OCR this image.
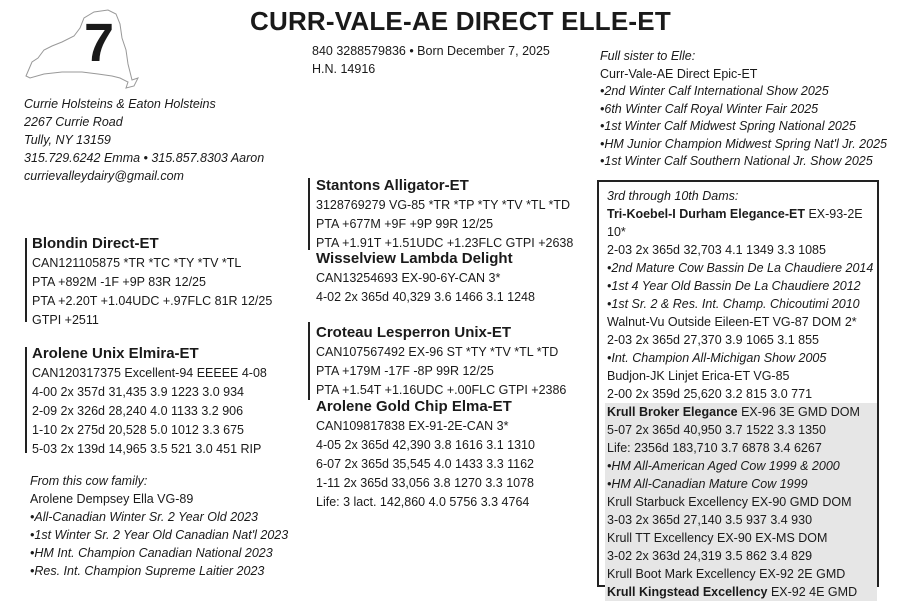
7	CURR-VALE-AE DIRECT ELLE-ET
840 3288579836 • Born December 7, 2025
H.N. 14916
Currie Holsteins & Eaton Holsteins
2267 Currie Road
Tully, NY 13159
315.729.6242 Emma • 315.857.8303 Aaron
currievalleydairy@gmail.com
Full sister to Elle:
Curr-Vale-AE Direct Epic-ET
•2nd Winter Calf International Show 2025
•6th Winter Calf Royal Winter Fair 2025
•1st Winter Calf Midwest Spring National 2025
•HM Junior Champion Midwest Spring Nat'l Jr. 2025
•1st Winter Calf Southern National Jr. Show 2025
Blondin Direct-ET
CAN121105875 *TR *TC *TY *TV *TL
PTA +892M -1F +9P 83R 12/25
PTA +2.20T +1.04UDC +.97FLC 81R 12/25
GTPI +2511
Arolene Unix Elmira-ET
CAN120317375 Excellent-94 EEEEE 4-08
4-00 2x 357d 31,435 3.9 1223 3.0 934
2-09 2x 326d 28,240 4.0 1133 3.2 906
1-10 2x 275d 20,528 5.0 1012 3.3 675
5-03 2x 139d 14,965 3.5 521 3.0 451 RIP
From this cow family:
Arolene Dempsey Ella VG-89
•All-Canadian Winter Sr. 2 Year Old 2023
•1st Winter Sr. 2 Year Old Canadian Nat'l 2023
•HM Int. Champion Canadian National 2023
•Res. Int. Champion Supreme Laitier 2023
Stantons Alligator-ET
3128769279 VG-85 *TR *TP *TY *TV *TL *TD
PTA +677M +9F +9P 99R 12/25
PTA +1.91T +1.51UDC +1.23FLC GTPI +2638
Wisselview Lambda Delight
CAN13254693 EX-90-6Y-CAN 3*
4-02 2x 365d 40,329 3.6 1466 3.1 1248
Croteau Lesperron Unix-ET
CAN107567492 EX-96 ST *TY *TV *TL *TD
PTA +179M -17F -8P 99R 12/25
PTA +1.54T +1.16UDC +.00FLC GTPI +2386
Arolene Gold Chip Elma-ET
CAN109817838 EX-91-2E-CAN 3*
4-05 2x 365d 42,390 3.8 1616 3.1 1310
6-07 2x 365d 35,545 4.0 1433 3.3 1162
1-11 2x 365d 33,056 3.8 1270 3.3 1078
Life: 3 lact. 142,860 4.0 5756 3.3 4764
3rd through 10th Dams:
Tri-Koebel-I Durham Elegance-ET EX-93-2E 10*
2-03 2x 365d 32,703 4.1 1349 3.3 1085
•2nd Mature Cow Bassin De La Chaudiere 2014
•1st 4 Year Old Bassin De La Chaudiere 2012
•1st Sr. 2 & Res. Int. Champ. Chicoutimi 2010
Walnut-Vu Outside Eileen-ET VG-87 DOM 2*
2-03 2x 365d 27,370 3.9 1065 3.1 855
•Int. Champion All-Michigan Show 2005
Budjon-JK Linjet Erica-ET VG-85
2-00 2x 359d 25,620 3.2 815 3.0 771
Krull Broker Elegance EX-96 3E GMD DOM
5-07 2x 365d 40,950 3.7 1522 3.3 1350
Life: 2356d 183,710 3.7 6878 3.4 6267
•HM All-American Aged Cow 1999 & 2000
•HM All-Canadian Mature Cow 1999
Krull Starbuck Excellency EX-90 GMD DOM
3-03 2x 365d 27,140 3.5 937 3.4 930
Krull TT Excellency EX-90 EX-MS DOM
3-02 2x 363d 24,319 3.5 862 3.4 829
Krull Boot Mark Excellency EX-92 2E GMD
Krull Kingstead Excellency EX-92 4E GMD
